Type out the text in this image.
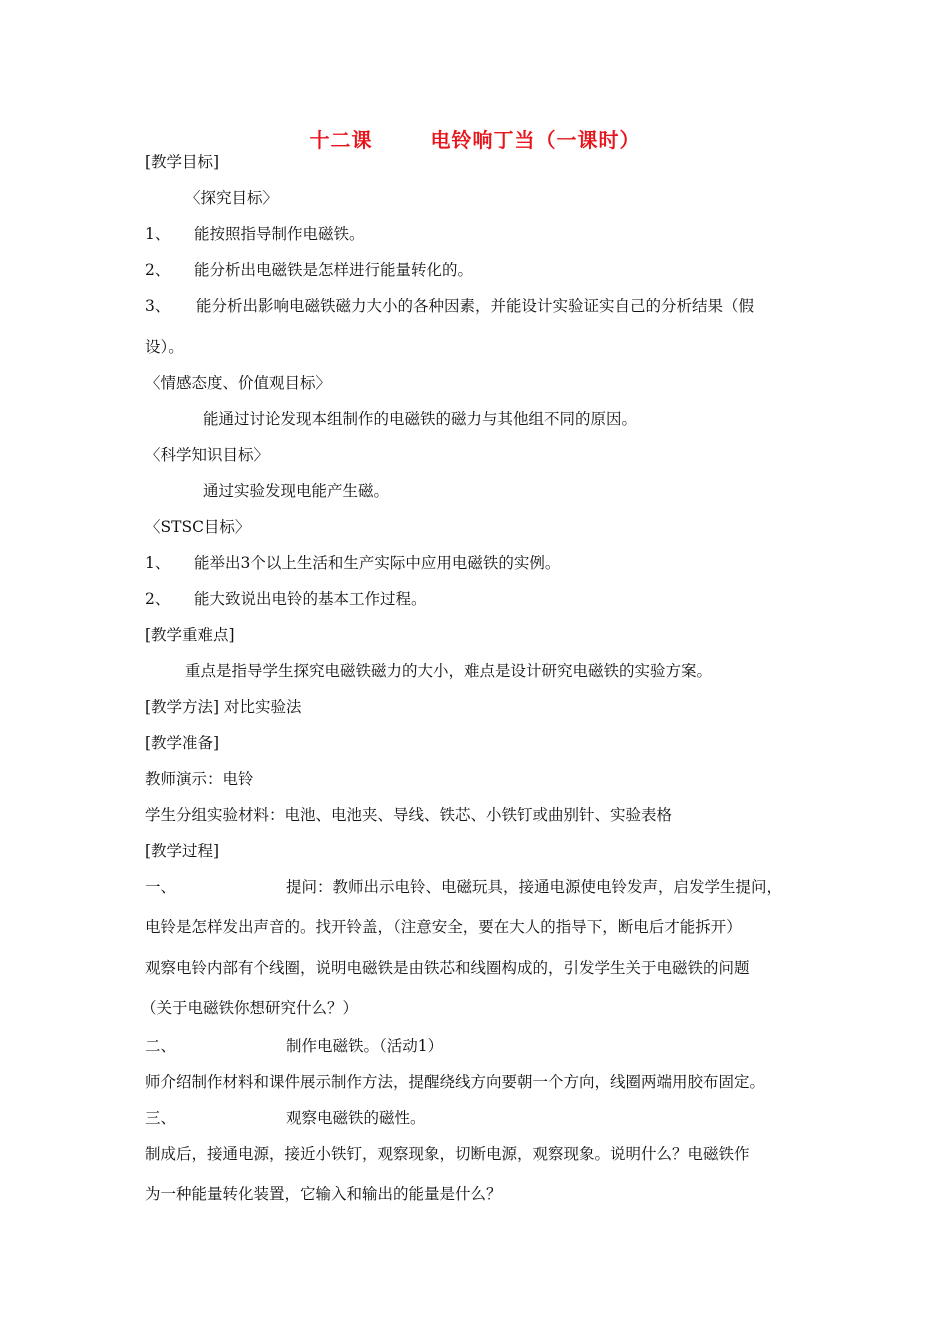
十二课	电铃响丁当（一课时）
[教学目标]
〈探究目标〉
1、 能按照指导制作电磁铁。
2、 能分析出电磁铁是怎样进行能量转化的。
3、 能分析出影响电磁铁磁力大小的各种因素，并能设计实验证实自己的分析结果（假
设）。
〈情感态度、价值观目标〉
能通过讨论发现本组制作的电磁铁的磁力与其他组不同的原因。
〈科学知识目标〉
通过实验发现电能产生磁。
〈STSC目标〉
1、 能举出3个以上生活和生产实际中应用电磁铁的实例。
2、 能大致说出电铃的基本工作过程。
[教学重难点]
重点是指导学生探究电磁铁磁力的大小，难点是设计研究电磁铁的实验方案。
[教学方法] 对比实验法
[教学准备]
教师演示：电铃
学生分组实验材料：电池、电池夹、导线、铁芯、小铁钉或曲别针、实验表格
[教学过程]
一、	提问：教师出示电铃、电磁玩具，接通电源使电铃发声，启发学生提问，
电铃是怎样发出声音的。找开铃盖，（注意安全，要在大人的指导下，断电后才能拆开）
观察电铃内部有个线圈，说明电磁铁是由铁芯和线圈构成的，引发学生关于电磁铁的问题
（关于电磁铁你想研究什么？）
二、	制作电磁铁。（活动1）
师介绍制作材料和课件展示制作方法，提醒绕线方向要朝一个方向，线圈两端用胶布固定。
三、	观察电磁铁的磁性。
制成后，接通电源，接近小铁钉，观察现象，切断电源，观察现象。说明什么？电磁铁作
为一种能量转化装置，它输入和输出的能量是什么？
